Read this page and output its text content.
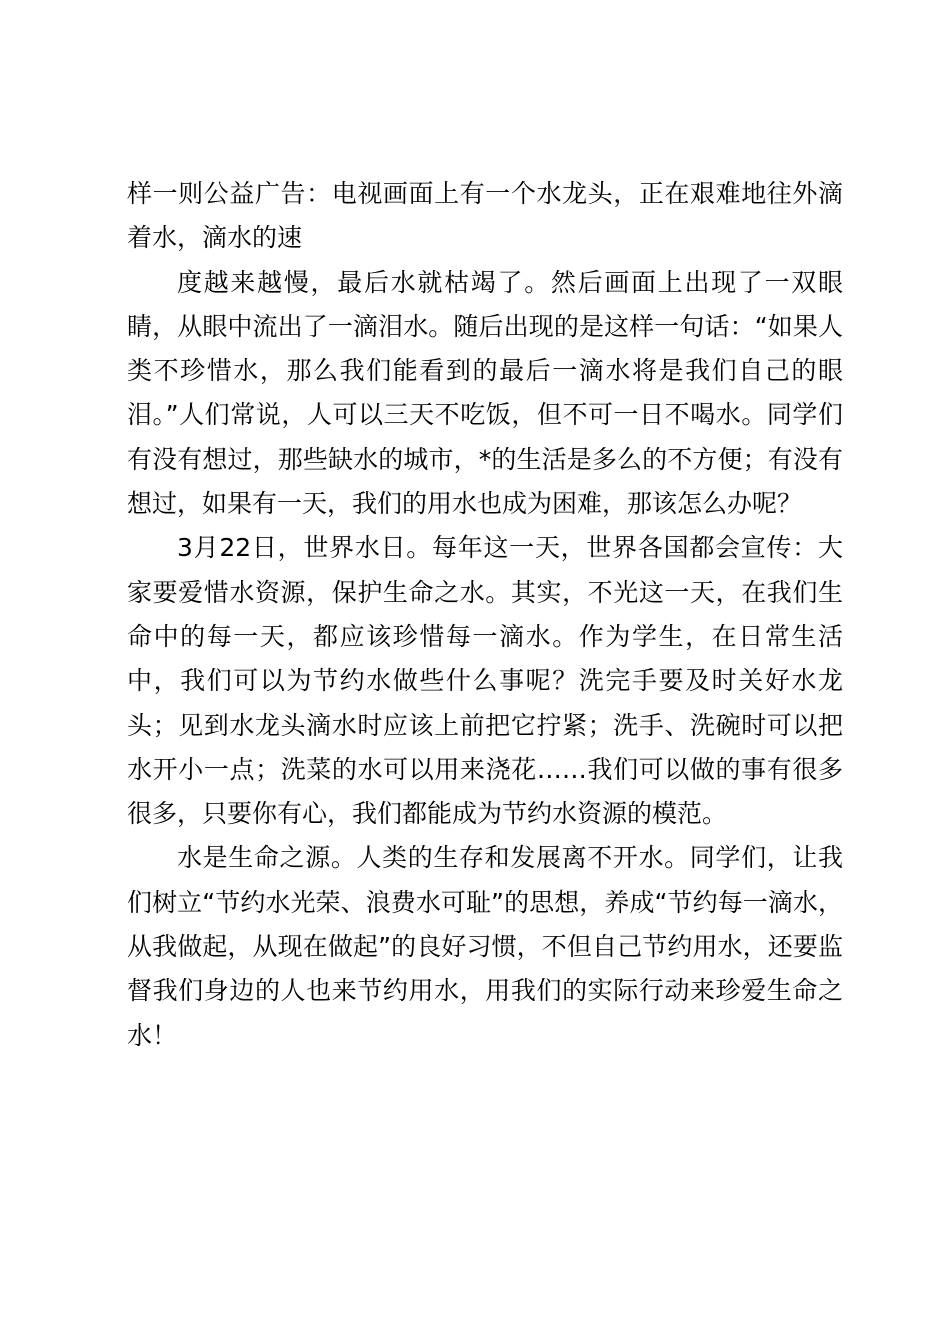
样一则公益广告：电视画面上有一个水龙头，正在艰难地往外滴着水，滴水的速

度越来越慢，最后水就枯竭了。然后画面上出现了一双眼睛，从眼中流出了一滴泪水。随后出现的是这样一句话：“如果人类不珍惜水，那么我们能看到的最后一滴水将是我们自己的眼泪。”人们常说，人可以三天不吃饭，但不可一日不喝水。同学们有没有想过，那些缺水的城市，*的生活是多么的不方便；有没有想过，如果有一天，我们的用水也成为困难，那该怎么办呢？

3月22日，世界水日。每年这一天，世界各国都会宣传：大家要爱惜水资源，保护生命之水。其实，不光这一天，在我们生命中的每一天，都应该珍惜每一滴水。作为学生，在日常生活中，我们可以为节约水做些什么事呢？洗完手要及时关好水龙头；见到水龙头滴水时应该上前把它拧紧；洗手、洗碗时可以把水开小一点；洗菜的水可以用来浇花……我们可以做的事有很多很多，只要你有心，我们都能成为节约水资源的模范。

水是生命之源。人类的生存和发展离不开水。同学们，让我们树立“节约水光荣、浪费水可耻”的思想，养成“节约每一滴水，从我做起，从现在做起”的良好习惯，不但自己节约用水，还要监督我们身边的人也来节约用水，用我们的实际行动来珍爱生命之水！
